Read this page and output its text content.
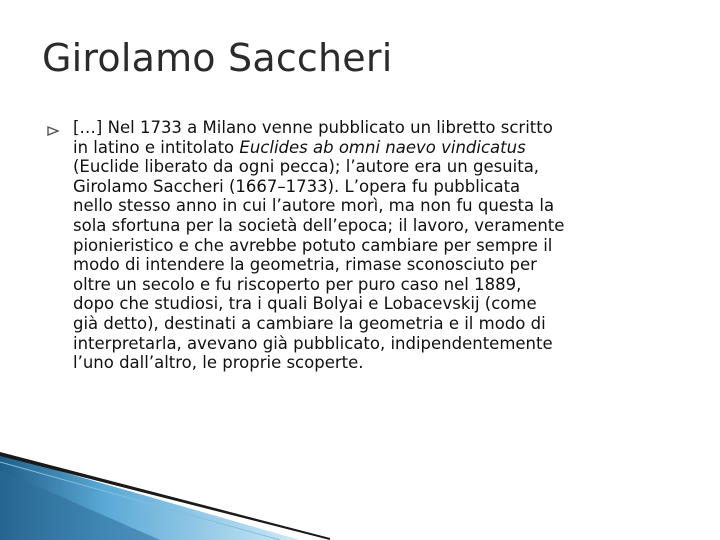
Girolamo Saccheri

[…] Nel 1733 a Milano venne pubblicato un libretto scritto
in latino e intitolato Euclides ab omni naevo vindicatus
(Euclide liberato da ogni pecca); l’autore era un gesuita,
Girolamo Saccheri (1667–1733). L’opera fu pubblicata
nello stesso anno in cui l’autore morì, ma non fu questa la
sola sfortuna per la società dell’epoca; il lavoro, veramente
pionieristico e che avrebbe potuto cambiare per sempre il
modo di intendere la geometria, rimase sconosciuto per
oltre un secolo e fu riscoperto per puro caso nel 1889,
dopo che studiosi, tra i quali Bolyai e Lobacevskij (come
già detto), destinati a cambiare la geometria e il modo di
interpretarla, avevano già pubblicato, indipendentemente
l’uno dall’altro, le proprie scoperte.
